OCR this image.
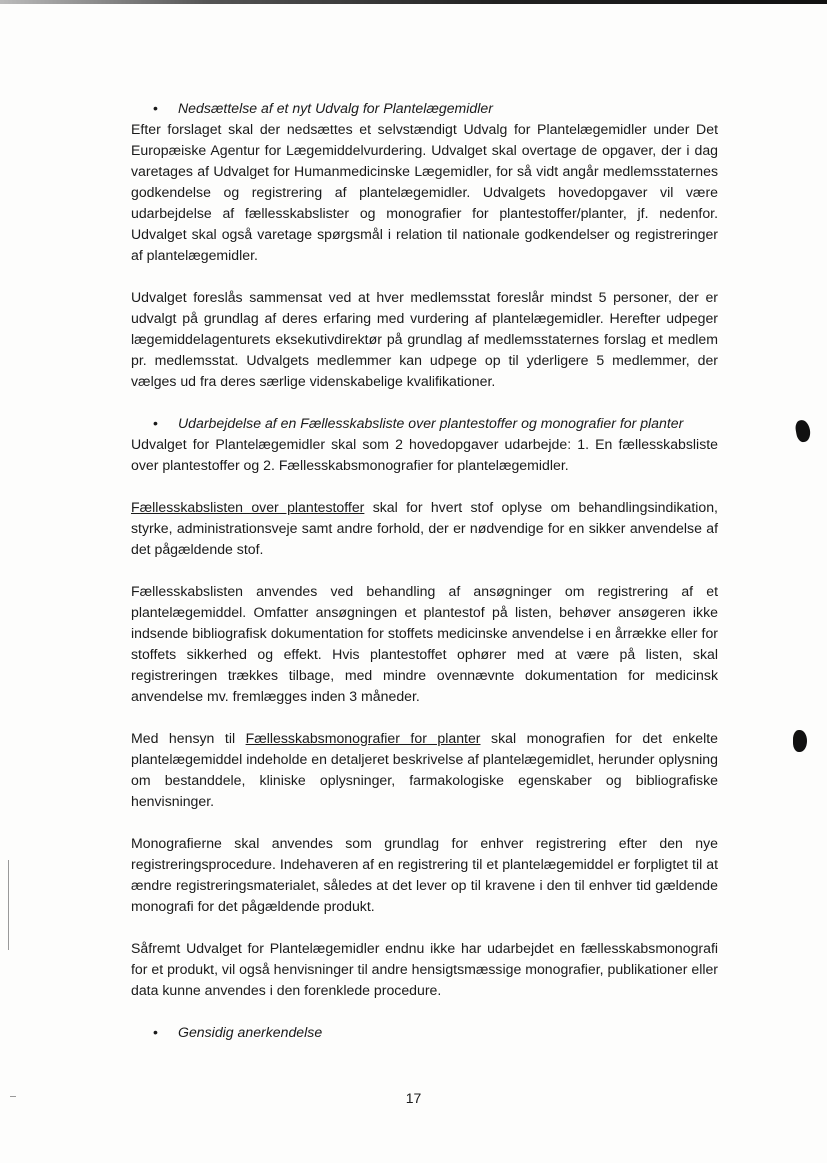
•	Nedsættelse af et nyt Udvalg for Plantelægemidler

Efter forslaget skal der nedsættes et selvstændigt Udvalg for Plantelægemidler under Det Europæiske Agentur for Lægemiddelvurdering. Udvalget skal overtage de opgaver, der i dag varetages af Udvalget for Humanmedicinske Lægemidler, for så vidt angår medlemsstaternes godkendelse og registrering af plantelægemidler. Udvalgets hovedopgaver vil være udarbejdelse af fællesskabslister og monografier for plantestoffer/planter, jf. nedenfor. Udvalget skal også varetage spørgsmål i relation til nationale godkendelser og registreringer af plantelægemidler.

Udvalget foreslås sammensat ved at hver medlemsstat foreslår mindst 5 personer, der er udvalgt på grundlag af deres erfaring med vurdering af plantelægemidler. Herefter udpeger lægemiddelagenturets eksekutivdirektør på grundlag af medlemsstaternes forslag et medlem pr. medlemsstat. Udvalgets medlemmer kan udpege op til yderligere 5 medlemmer, der vælges ud fra deres særlige videnskabelige kvalifikationer.

•	Udarbejdelse af en Fællesskabsliste over plantestoffer og monografier for planter

Udvalget for Plantelægemidler skal som 2 hovedopgaver udarbejde: 1. En fællesskabsliste over plantestoffer og 2. Fællesskabsmonografier for plantelægemidler.

Fællesskabslisten over plantestoffer skal for hvert stof oplyse om behandlingsindikation, styrke, administrationsveje samt andre forhold, der er nødvendige for en sikker anvendelse af det pågældende stof.

Fællesskabslisten anvendes ved behandling af ansøgninger om registrering af et plantelægemiddel. Omfatter ansøgningen et plantestof på listen, behøver ansøgeren ikke indsende bibliografisk dokumentation for stoffets medicinske anvendelse i en årrække eller for stoffets sikkerhed og effekt. Hvis plantestoffet ophører med at være på listen, skal registreringen trækkes tilbage, med mindre ovennævnte dokumentation for medicinsk anvendelse mv. fremlægges inden 3 måneder.

Med hensyn til Fællesskabsmonografier for planter skal monografien for det enkelte plantelægemiddel indeholde en detaljeret beskrivelse af plantelægemidlet, herunder oplysning om bestanddele, kliniske oplysninger, farmakologiske egenskaber og bibliografiske henvisninger.

Monografierne skal anvendes som grundlag for enhver registrering efter den nye registreringsprocedure. Indehaveren af en registrering til et plantelægemiddel er forpligtet til at ændre registreringsmaterialet, således at det lever op til kravene i den til enhver tid gældende monografi for det pågældende produkt.

Såfremt Udvalget for Plantelægemidler endnu ikke har udarbejdet en fællesskabsmonografi for et produkt, vil også henvisninger til andre hensigtsmæssige monografier, publikationer eller data kunne anvendes i den forenklede procedure.

•	Gensidig anerkendelse
17
